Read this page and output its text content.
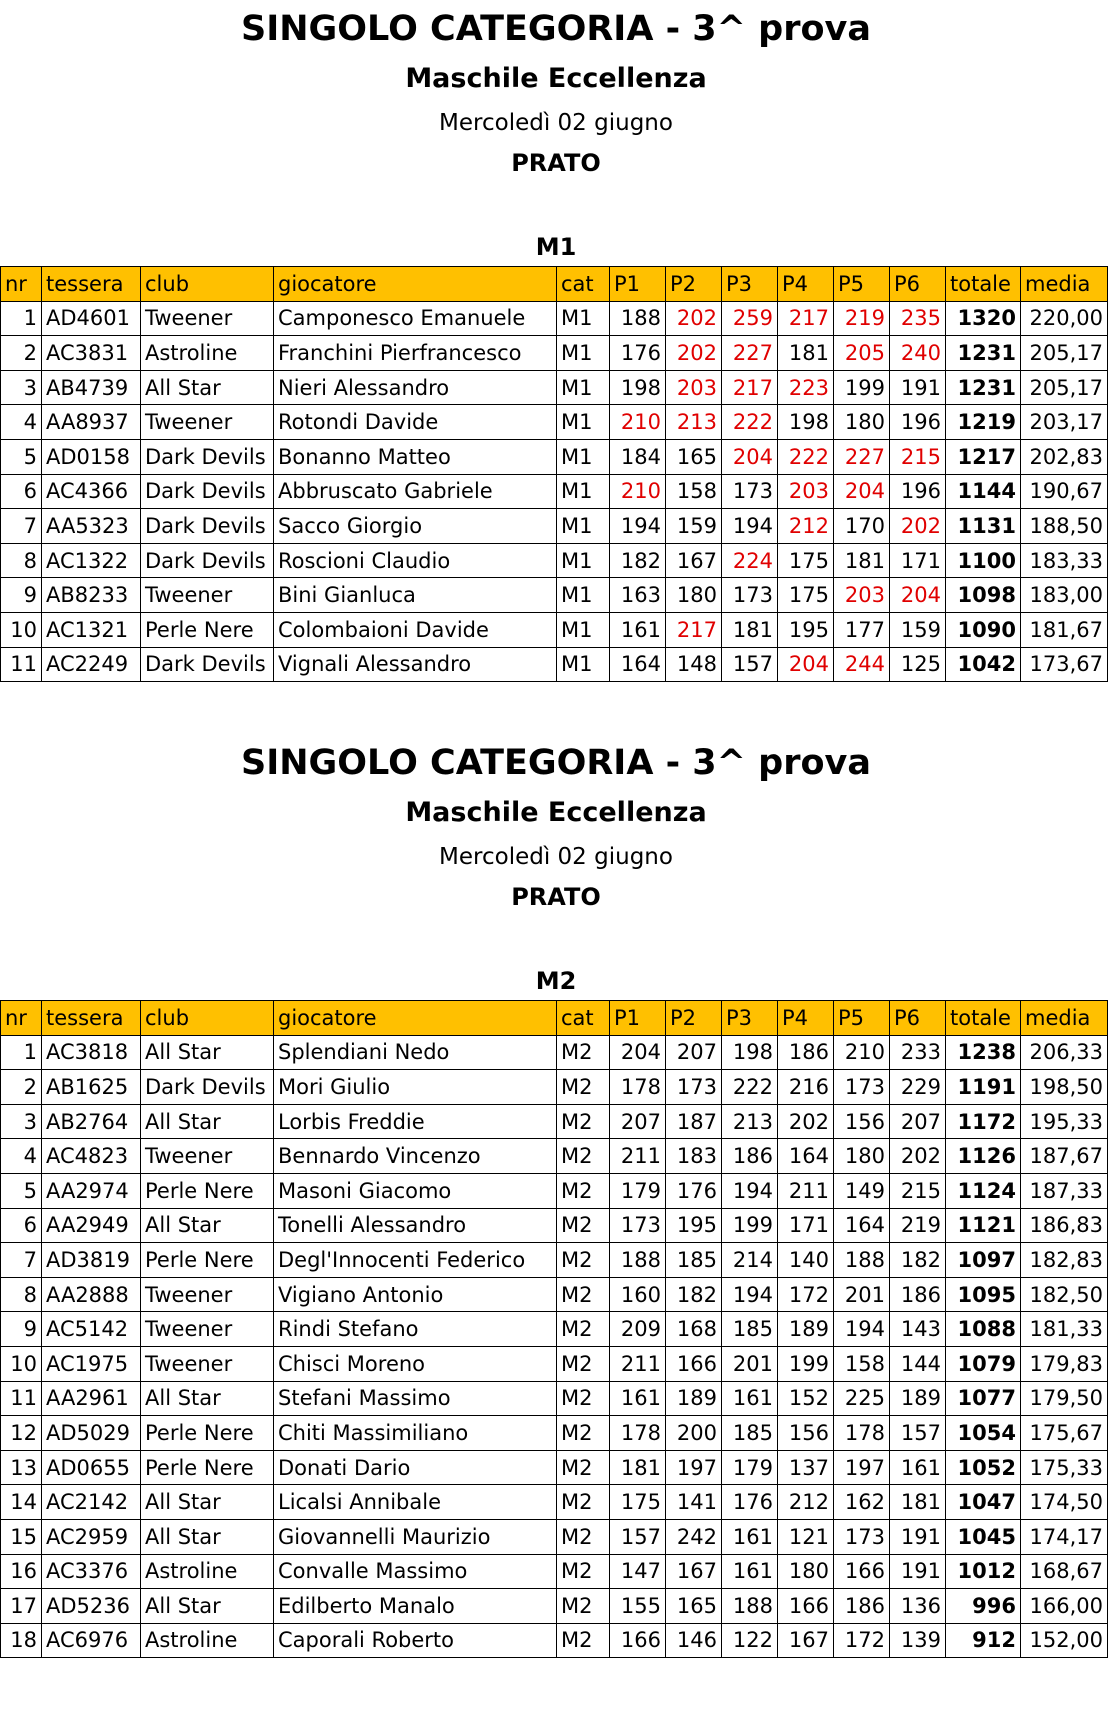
SINGOLO CATEGORIA - 3^ prova
Maschile Eccellenza
Mercoledì 02 giugno
PRATO
M1
nr	tessera	club	giocatore	cat	P1	P2	P3	P4	P5	P6	totale	media
1	AD4601	Tweener	Camponesco Emanuele	M1	188	202	259	217	219	235	1320	220,00
2	AC3831	Astroline	Franchini Pierfrancesco	M1	176	202	227	181	205	240	1231	205,17
3	AB4739	All Star	Nieri Alessandro	M1	198	203	217	223	199	191	1231	205,17
4	AA8937	Tweener	Rotondi Davide	M1	210	213	222	198	180	196	1219	203,17
5	AD0158	Dark Devils	Bonanno Matteo	M1	184	165	204	222	227	215	1217	202,83
6	AC4366	Dark Devils	Abbruscato Gabriele	M1	210	158	173	203	204	196	1144	190,67
7	AA5323	Dark Devils	Sacco Giorgio	M1	194	159	194	212	170	202	1131	188,50
8	AC1322	Dark Devils	Roscioni Claudio	M1	182	167	224	175	181	171	1100	183,33
9	AB8233	Tweener	Bini Gianluca	M1	163	180	173	175	203	204	1098	183,00
10	AC1321	Perle Nere	Colombaioni Davide	M1	161	217	181	195	177	159	1090	181,67
11	AC2249	Dark Devils	Vignali Alessandro	M1	164	148	157	204	244	125	1042	173,67
SINGOLO CATEGORIA - 3^ prova
Maschile Eccellenza
Mercoledì 02 giugno
PRATO
M2
nr	tessera	club	giocatore	cat	P1	P2	P3	P4	P5	P6	totale	media
1	AC3818	All Star	Splendiani Nedo	M2	204	207	198	186	210	233	1238	206,33
2	AB1625	Dark Devils	Mori Giulio	M2	178	173	222	216	173	229	1191	198,50
3	AB2764	All Star	Lorbis Freddie	M2	207	187	213	202	156	207	1172	195,33
4	AC4823	Tweener	Bennardo Vincenzo	M2	211	183	186	164	180	202	1126	187,67
5	AA2974	Perle Nere	Masoni Giacomo	M2	179	176	194	211	149	215	1124	187,33
6	AA2949	All Star	Tonelli Alessandro	M2	173	195	199	171	164	219	1121	186,83
7	AD3819	Perle Nere	Degl'Innocenti Federico	M2	188	185	214	140	188	182	1097	182,83
8	AA2888	Tweener	Vigiano Antonio	M2	160	182	194	172	201	186	1095	182,50
9	AC5142	Tweener	Rindi Stefano	M2	209	168	185	189	194	143	1088	181,33
10	AC1975	Tweener	Chisci Moreno	M2	211	166	201	199	158	144	1079	179,83
11	AA2961	All Star	Stefani Massimo	M2	161	189	161	152	225	189	1077	179,50
12	AD5029	Perle Nere	Chiti Massimiliano	M2	178	200	185	156	178	157	1054	175,67
13	AD0655	Perle Nere	Donati Dario	M2	181	197	179	137	197	161	1052	175,33
14	AC2142	All Star	Licalsi Annibale	M2	175	141	176	212	162	181	1047	174,50
15	AC2959	All Star	Giovannelli Maurizio	M2	157	242	161	121	173	191	1045	174,17
16	AC3376	Astroline	Convalle Massimo	M2	147	167	161	180	166	191	1012	168,67
17	AD5236	All Star	Edilberto Manalo	M2	155	165	188	166	186	136	996	166,00
18	AC6976	Astroline	Caporali Roberto	M2	166	146	122	167	172	139	912	152,00
